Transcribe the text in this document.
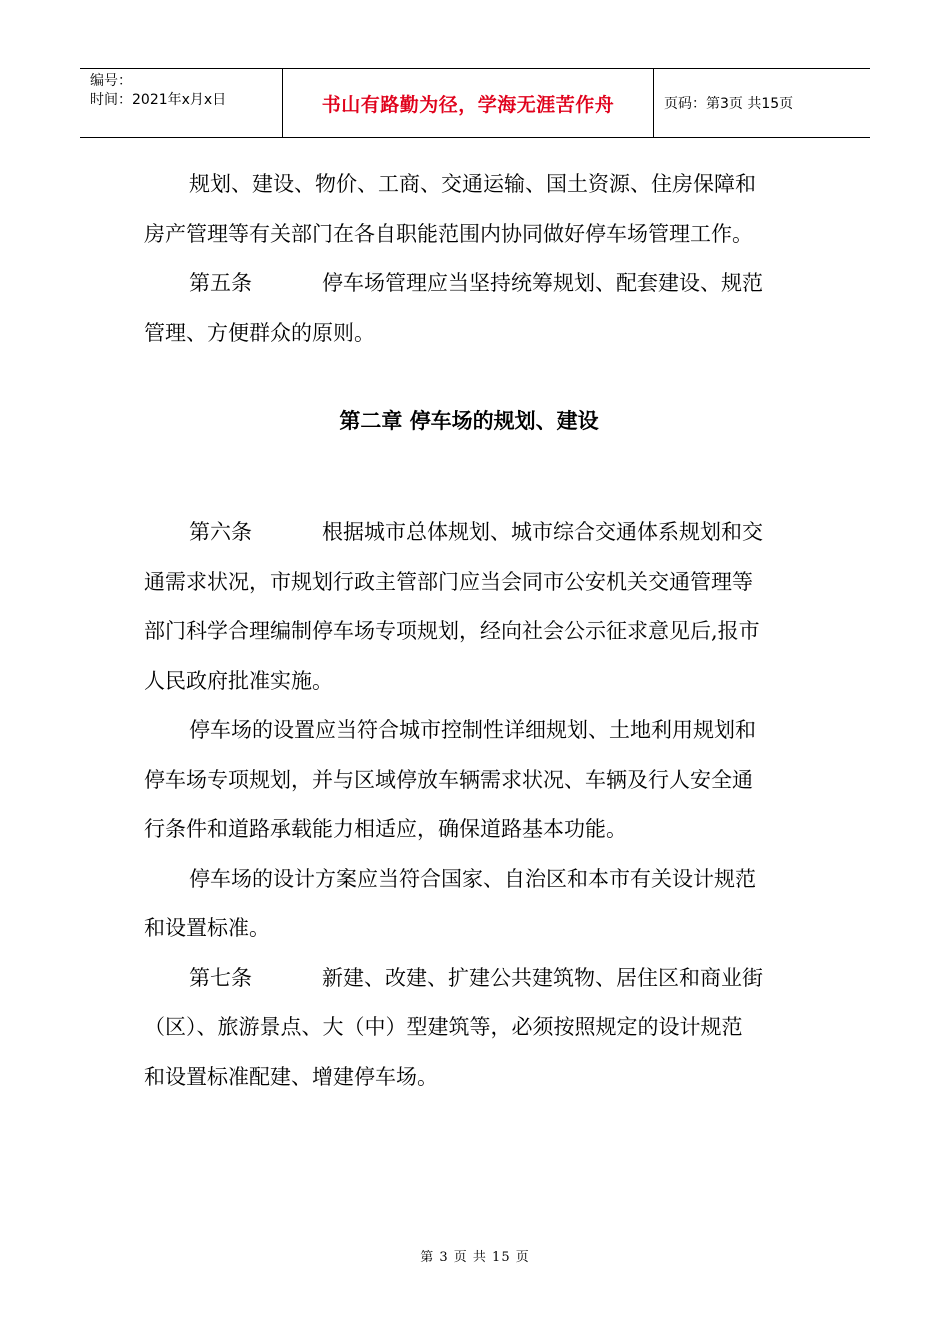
编号：
时间：2021年x月x日	书山有路勤为径，学海无涯苦作舟	页码：第3页 共15页

规划、建设、物价、工商、交通运输、国土资源、住房保障和

房产管理等有关部门在各自职能范围内协同做好停车场管理工作。

第五条	停车场管理应当坚持统筹规划、配套建设、规范

管理、方便群众的原则。

第二章 停车场的规划、建设

第六条	根据城市总体规划、城市综合交通体系规划和交

通需求状况，市规划行政主管部门应当会同市公安机关交通管理等

部门科学合理编制停车场专项规划，经向社会公示征求意见后,报市

人民政府批准实施。

停车场的设置应当符合城市控制性详细规划、土地利用规划和

停车场专项规划，并与区域停放车辆需求状况、车辆及行人安全通

行条件和道路承载能力相适应，确保道路基本功能。

停车场的设计方案应当符合国家、自治区和本市有关设计规范

和设置标准。

第七条	新建、改建、扩建公共建筑物、居住区和商业街

（区）、旅游景点、大（中）型建筑等，必须按照规定的设计规范

和设置标准配建、增建停车场。

第 3 页 共 15 页
